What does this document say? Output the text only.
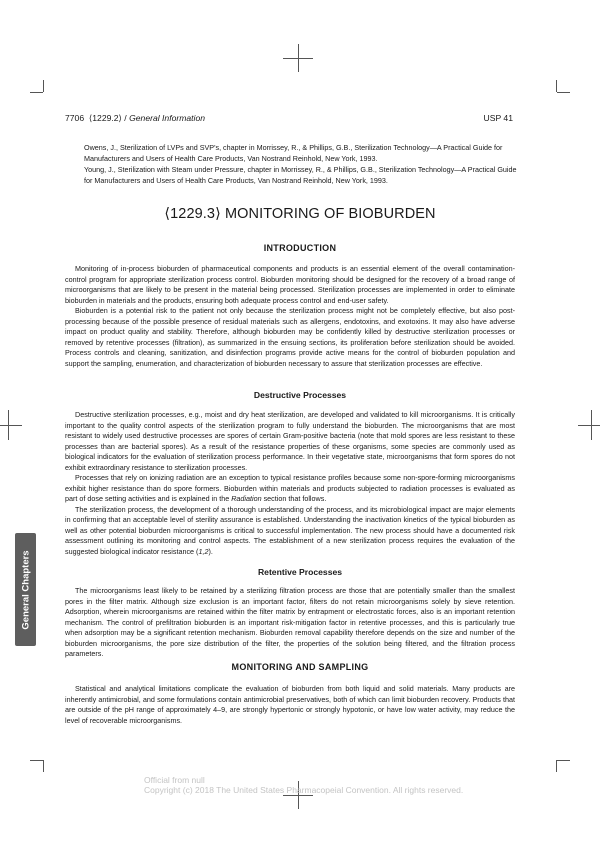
7706 ⟨1229.2⟩ / General Information	USP 41

Owens, J., Sterilization of LVPs and SVP's, chapter in Morrissey, R., & Phillips, G.B., Sterilization Technology—A Practical Guide for Manufacturers and Users of Health Care Products, Van Nostrand Reinhold, New York, 1993.

Young, J., Sterilization with Steam under Pressure, chapter in Morrissey, R., & Phillips, G.B., Sterilization Technology—A Practical Guide for Manufacturers and Users of Health Care Products, Van Nostrand Reinhold, New York, 1993.

⟨1229.3⟩ MONITORING OF BIOBURDEN
INTRODUCTION

Monitoring of in-process bioburden of pharmaceutical components and products is an essential element of the overall contamination-control program for appropriate sterilization process control. Bioburden monitoring should be designed for the recovery of a broad range of microorganisms that are likely to be present in the material being processed. Sterilization processes are implemented in order to eliminate bioburden in materials and the products, ensuring both adequate process control and end-user safety.

Bioburden is a potential risk to the patient not only because the sterilization process might not be completely effective, but also post-processing because of the possible presence of residual materials such as allergens, endotoxins, and exotoxins. It may also have adverse impact on product quality and stability. Therefore, although bioburden may be confidently killed by destructive sterilization processes or removed by retentive processes (filtration), as summarized in the ensuing sections, its proliferation before sterilization should be avoided. Process controls and cleaning, sanitization, and disinfection programs provide active means for the control of bioburden population and support the sampling, enumeration, and characterization of bioburden necessary to assure that sterilization processes are effective.

Destructive Processes

Destructive sterilization processes, e.g., moist and dry heat sterilization, are developed and validated to kill microorganisms. It is critically important to the quality control aspects of the sterilization program to fully understand the bioburden. The microorganisms that are most resistant to widely used destructive processes are spores of certain Gram-positive bacteria (note that mold spores are less resistant to these processes than are bacterial spores). As a result of the resistance properties of these organisms, some species are commonly used as biological indicators for the evaluation of sterilization process performance. In their vegetative state, microorganisms that form spores do not exhibit extraordinary resistance to sterilization processes.

Processes that rely on ionizing radiation are an exception to typical resistance profiles because some non-spore-forming microorganisms exhibit higher resistance than do spore formers. Bioburden within materials and products subjected to radiation processes is evaluated as part of dose setting activities and is explained in the Radiation section that follows.

The sterilization process, the development of a thorough understanding of the process, and its microbiological impact are major elements in confirming that an acceptable level of sterility assurance is established. Understanding the inactivation kinetics of the typical bioburden as well as other potential bioburden microorganisms is critical to successful implementation. The new process should have a documented risk assessment outlining its monitoring and control aspects. The establishment of a new sterilization process requires the evaluation of the suggested biological indicator resistance (1,2).

Retentive Processes

The microorganisms least likely to be retained by a sterilizing filtration process are those that are potentially smaller than the smallest pores in the filter matrix. Although size exclusion is an important factor, filters do not retain microorganisms solely by sieve retention. Adsorption, wherein microorganisms are retained within the filter matrix by entrapment or electrostatic forces, also is an important retention mechanism. The control of prefiltration bioburden is an important risk-mitigation factor in retentive processes, and this is particularly true when adsorption may be a significant retention mechanism. Bioburden removal capability therefore depends on the size and number of the bioburden microorganisms, the pore size distribution of the filter, the properties of the solution being filtered, and the filtration process parameters.

MONITORING AND SAMPLING

Statistical and analytical limitations complicate the evaluation of bioburden from both liquid and solid materials. Many products are inherently antimicrobial, and some formulations contain antimicrobial preservatives, both of which can limit bioburden recovery. Products that are outside of the pH range of approximately 4–9, are strongly hypertonic or strongly hypotonic, or have low water activity, may reduce the level of recoverable microorganisms.

General Chapters
Official from null
Copyright (c) 2018 The United States Pharmacopeial Convention. All rights reserved.
